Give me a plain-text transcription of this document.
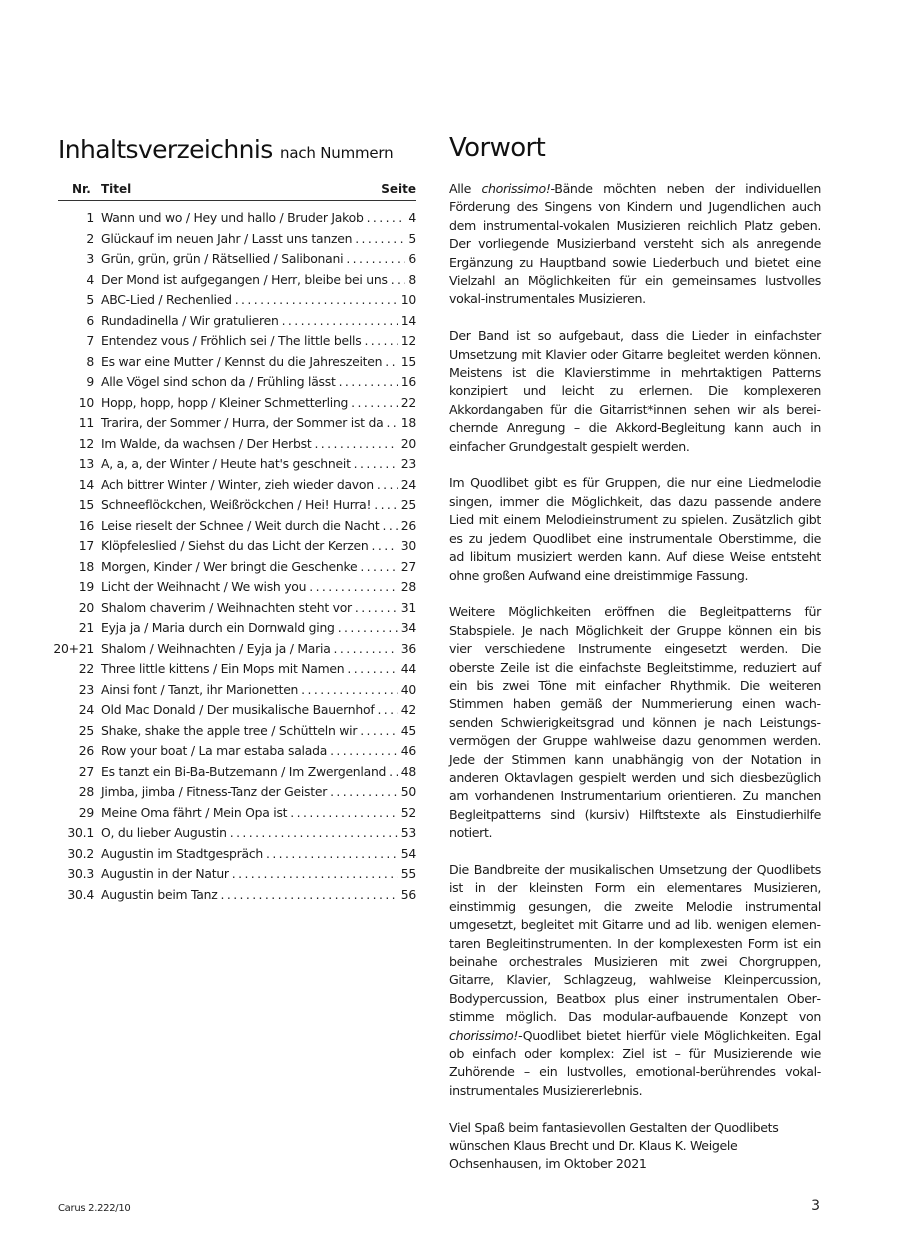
Inhaltsverzeichnis nach Nummern
Nr. Titel	Seite
1 Wann und wo / Hey und hallo / Bruder Jakob .....	4
2 Glückauf im neuen Jahr / Lasst uns tanzen .....	5
3 Grün, grün, grün / Rätsellied / Salibonani .....	6
4 Der Mond ist aufgegangen / Herr, bleibe bei uns ..... 8
5 ABC-Lied / Rechenlied .....	10
6 Rundadinella / Wir gratulieren .....	14
7 Entendez vous / Fröhlich sei / The little bells .....	12
8 Es war eine Mutter / Kennst du die Jahreszeiten ..... 15
9 Alle Vögel sind schon da / Frühling lässt .....	16
10 Hopp, hopp, hopp / Kleiner Schmetterling .....	22
11 Trarira, der Sommer / Hurra, der Sommer ist da ..... 18
12 Im Walde, da wachsen / Der Herbst .....	20
13 A, a, a, der Winter / Heute hat's geschneit .....	23
14 Ach bittrer Winter / Winter, zieh wieder davon ..... 24
15 Schneeflöckchen, Weißröckchen / Hei! Hurra! ..... 25
16 Leise rieselt der Schnee / Weit durch die Nacht ..... 26
17 Klöpfeleslied / Siehst du das Licht der Kerzen .....	30
18 Morgen, Kinder / Wer bringt die Geschenke .....	27
19 Licht der Weihnacht / We wish you .....	28
20 Shalom chaverim / Weihnachten steht vor .....	31
21 Eyja ja / Maria durch ein Dornwald ging .....	34
20+21 Shalom / Weihnachten / Eyja ja / Maria .....	36
22 Three little kittens / Ein Mops mit Namen .....	44
23 Ainsi font / Tanzt, ihr Marionetten .....	40
24 Old Mac Donald / Der musikalische Bauernhof ..... 42
25 Shake, shake the apple tree / Schütteln wir .....	45
26 Row your boat / La mar estaba salada .....	46
27 Es tanzt ein Bi-Ba-Butzemann / Im Zwergenland ..... 48
28 Jimba, jimba / Fitness-Tanz der Geister .....	50
29 Meine Oma fährt / Mein Opa ist .....	52
30.1 O, du lieber Augustin .....	53
30.2 Augustin im Stadtgespräch .....	54
30.3 Augustin in der Natur .....	55
30.4 Augustin beim Tanz .....	56
Vorwort

Alle chorissimo!-Bände möchten neben der individuellen Förderung des Singens von Kindern und Jugendlichen auch dem instrumental-vokalen Musizieren reichlich Platz geben. Der vorliegende Musizierband versteht sich als anregende Ergänzung zu Hauptband sowie Liederbuch und bietet eine Vielzahl an Möglichkeiten für ein gemeinsames lustvolles vokal-instrumentales Musizieren.

Der Band ist so aufgebaut, dass die Lieder in einfachster Umsetzung mit Klavier oder Gitarre begleitet werden können. Meistens ist die Klavierstimme in mehrtaktigen Patterns konzipiert und leicht zu erlernen. Die komplexeren Akkordangaben für die Gitarrist*innen sehen wir als bereichernde Anregung – die Akkord-Begleitung kann auch in einfacher Grundgestalt gespielt werden.

Im Quodlibet gibt es für Gruppen, die nur eine Liedmelodie singen, immer die Möglichkeit, das dazu passende andere Lied mit einem Melodieinstrument zu spielen. Zusätzlich gibt es zu jedem Quodlibet eine instrumentale Oberstimme, die ad libitum musiziert werden kann. Auf diese Weise entsteht ohne großen Aufwand eine dreistimmige Fassung.

Weitere Möglichkeiten eröffnen die Begleitpatterns für Stabspiele. Je nach Möglichkeit der Gruppe können ein bis vier verschiedene Instrumente eingesetzt werden. Die oberste Zeile ist die einfachste Begleitstimme, reduziert auf ein bis zwei Töne mit einfacher Rhythmik. Die weiteren Stimmen haben gemäß der Nummerierung einen wachsenden Schwierigkeitsgrad und können je nach Leistungsvermögen der Gruppe wahlweise dazu genommen werden. Jede der Stimmen kann unabhängig von der Notation in anderen Oktavlagen gespielt werden und sich diesbezüglich am vorhandenen Instrumentarium orientieren. Zu manchen Begleitpatterns sind (kursiv) Hilftstexte als Einstudierhilfe notiert.

Die Bandbreite der musikalischen Umsetzung der Quodlibets ist in der kleinsten Form ein elementares Musizieren, einstimmig gesungen, die zweite Melodie instrumental umgesetzt, begleitet mit Gitarre und ad lib. wenigen elementaren Begleitinstrumenten. In der komplexesten Form ist ein beinahe orchestrales Musizieren mit zwei Chorgruppen, Gitarre, Klavier, Schlagzeug, wahlweise Kleinpercussion, Bodypercussion, Beatbox plus einer instrumentalen Oberstimme möglich. Das modular-aufbauende Konzept von chorissimo!-Quodlibet bietet hierfür viele Möglichkeiten. Egal ob einfach oder komplex: Ziel ist – für Musizierende wie Zuhörende – ein lustvolles, emotional-berührendes vokal-instrumentales Musiziererlebnis.

Viel Spaß beim fantasievollen Gestalten der Quodlibets
wünschen Klaus Brecht und Dr. Klaus K. Weigele
Ochsenhausen, im Oktober 2021

Carus 2.222/10	3
